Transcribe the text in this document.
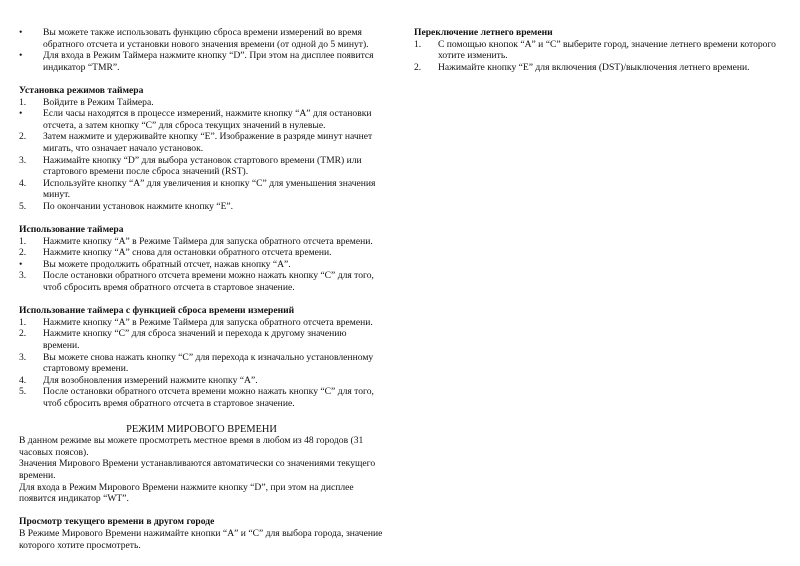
•	Вы можете также использовать функцию сброса времени измерений во время обратного отсчета и установки нового значения времени (от одной до 5 минут).
•	Для входа в Режим Таймера нажмите кнопку “D”. При этом на дисплее появится индикатор “TMR”.

Установка режимов таймера

1.	Войдите в Режим Таймера.
•	Если часы находятся в процессе измерений, нажмите кнопку “A” для остановки отсчета, а затем кнопку “C” для сброса текущих значений в нулевые.
2.	Затем нажмите и удерживайте кнопку “E”. Изображение в разряде минут начнет мигать, что означает начало установок.
3.	Нажимайте кнопку “D” для выбора установок стартового времени (TMR) или стартового времени после сброса значений (RST).
4.	Используйте кнопку “A” для увеличения и кнопку “C” для уменьшения значения минут.
5.	По окончании установок нажмите кнопку “E”.

Использование таймера

1.	Нажмите кнопку “A” в Режиме Таймера для запуска обратного отсчета времени.
2.	Нажмите кнопку “A” снова для остановки обратного отсчета времени.
•	Вы можете продолжить обратный отсчет, нажав кнопку “A”.
3.	После остановки обратного отсчета времени можно нажать кнопку “C” для того, чтоб сбросить время обратного отсчета в стартовое значение.

Использование таймера с функцией сброса времени измерений

1.	Нажмите кнопку “A” в Режиме Таймера для запуска обратного отсчета времени.
2.	Нажмите кнопку “C” для сброса значений и перехода к другому значению времени.
3.	Вы можете снова нажать кнопку “C” для перехода к изначально установленному стартовому времени.
4.	Для возобновления измерений нажмите кнопку “A”.
5.	После остановки обратного отсчета времени можно нажать кнопку “C” для того, чтоб сбросить время обратного отсчета в стартовое значение.

РЕЖИМ МИРОВОГО ВРЕМЕНИ

В данном режиме вы можете просмотреть местное время в любом из 48 городов (31 часовых поясов).

Значения Мирового Времени устанавливаются автоматически со значениями текущего времени.

Для входа в Режим Мирового Времени нажмите кнопку “D”, при этом на дисплее появится индикатор “WT”.

Просмотр текущего времени в другом городе

В Режиме Мирового Времени нажимайте кнопки “A” и “C” для выбора города, значение которого хотите просмотреть.

Переключение летнего времени

1.	С помощью кнопок “A” и “C” выберите город, значение летнего времени которого хотите изменить.
2.	Нажимайте кнопку “E” для включения (DST)/выключения летнего времени.
